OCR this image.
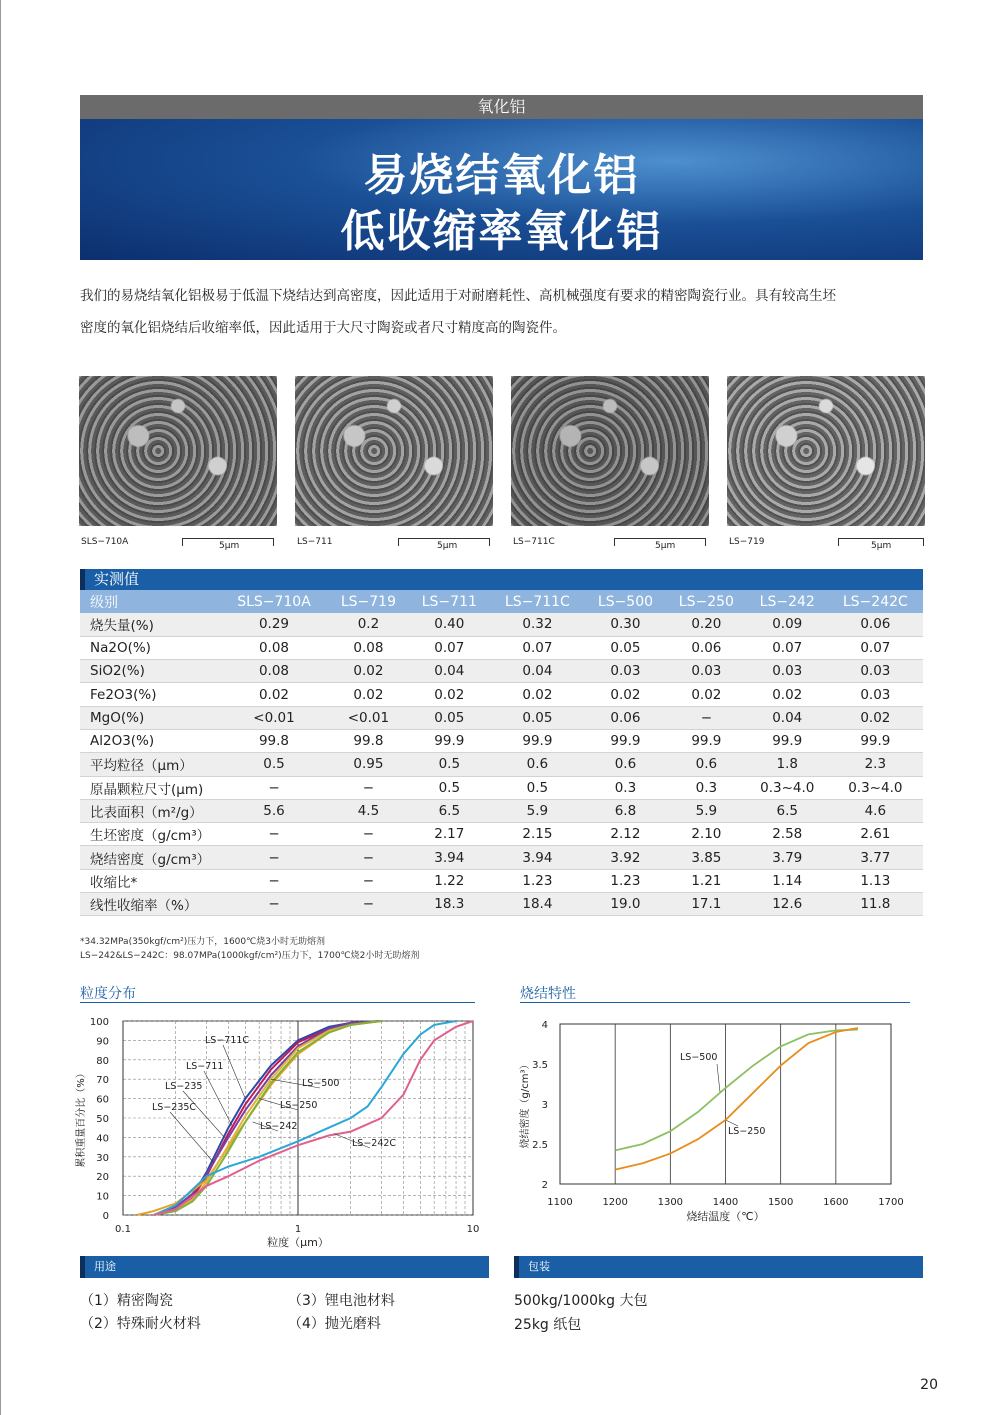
氧化铝
易烧结氧化铝
低收缩率氧化铝
我们的易烧结氧化铝极易于低温下烧结达到高密度，因此适用于对耐磨耗性、高机械强度有要求的精密陶瓷行业。具有较高生坯
密度的氧化铝烧结后收缩率低，因此适用于大尺寸陶瓷或者尺寸精度高的陶瓷件。
SLS−710A	LS−711	LS−711C	LS−719
5μm	5μm	5μm	5μm
实测值
级别	SLS−710A	LS−719	LS−711	LS−711C	LS−500	LS−250	LS−242	LS−242C
烧失量(%)	0.29	0.2	0.40	0.32	0.30	0.20	0.09	0.06
Na2O(%)	0.08	0.08	0.07	0.07	0.05	0.06	0.07	0.07
SiO2(%)	0.08	0.02	0.04	0.04	0.03	0.03	0.03	0.03
Fe2O3(%)	0.02	0.02	0.02	0.02	0.02	0.02	0.02	0.03
MgO(%)	<0.01	<0.01	0.05	0.05	0.06	−	0.04	0.02
Al2O3(%)	99.8	99.8	99.9	99.9	99.9	99.9	99.9	99.9
平均粒径（μm）	0.5	0.95	0.5	0.6	0.6	0.6	1.8	2.3
原晶颗粒尺寸(μm)	−	−	0.5	0.5	0.3	0.3	0.3~4.0	0.3~4.0
比表面积（m²/g）	5.6	4.5	6.5	5.9	6.8	5.9	6.5	4.6
生坯密度（g/cm³）	−	−	2.17	2.15	2.12	2.10	2.58	2.61
烧结密度（g/cm³）	−	−	3.94	3.94	3.92	3.85	3.79	3.77
收缩比*	−	−	1.22	1.23	1.23	1.21	1.14	1.13
线性收缩率（%）	−	−	18.3	18.4	19.0	17.1	12.6	11.8
*34.32MPa(350kgf/cm²)压力下，1600℃烧3小时无助熔剂
LS−242&LS−242C：98.07MPa(1000kgf/cm²)压力下，1700℃烧2小时无助熔剂
粒度分布
0
10
20
30
40
50
60
70
80
90
100
0.1	1	10
粒度（μm）
累积重量百分比（%）
LS−711C
LS−711
LS−235
LS−235C
LS−500
LS−250
LS−242
LS−242C
烧结特性
1100	1200	1300	1400	1500	1600	1700
2
2.5
3
3.5
4
烧结温度（℃）
烧结密度（g/cm³）
LS−500
LS−250
用途	包装
（1）精密陶瓷
（2）特殊耐火材料
（3）锂电池材料
（4）抛光磨料
500kg/1000kg 大包
25kg 纸包
20
